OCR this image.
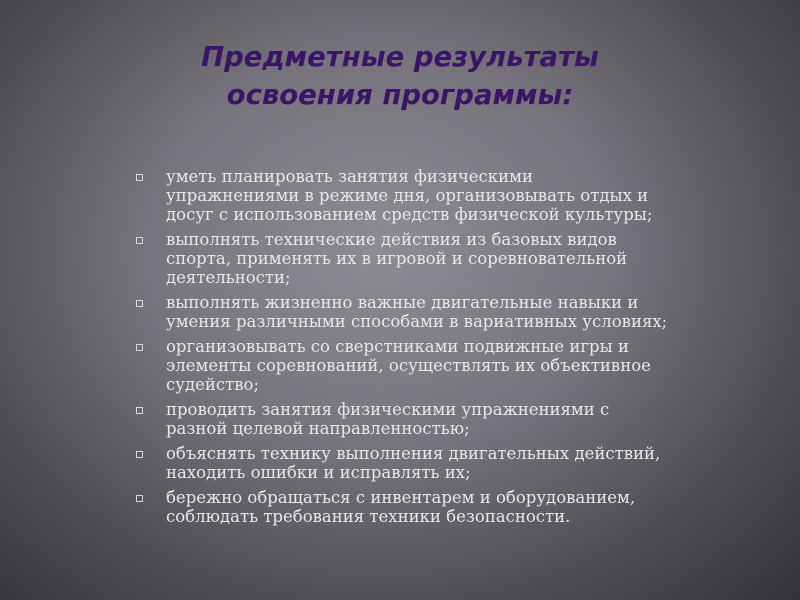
Предметные результаты
освоения программы:
уметь планировать занятия физическими
упражнениями в режиме дня, организовывать отдых и
досуг с использованием средств физической культуры;
выполнять технические действия из базовых видов
спорта, применять их в игровой и соревновательной
деятельности;
выполнять жизненно важные двигательные навыки и
умения различными способами в вариативных условиях;
организовывать со сверстниками подвижные игры и
элементы соревнований, осуществлять их объективное
судейство;
проводить занятия физическими упражнениями с
разной целевой направленностью;
объяснять технику выполнения двигательных действий,
находить ошибки и исправлять их;
бережно обращаться с инвентарем и оборудованием,
соблюдать требования техники безопасности.
